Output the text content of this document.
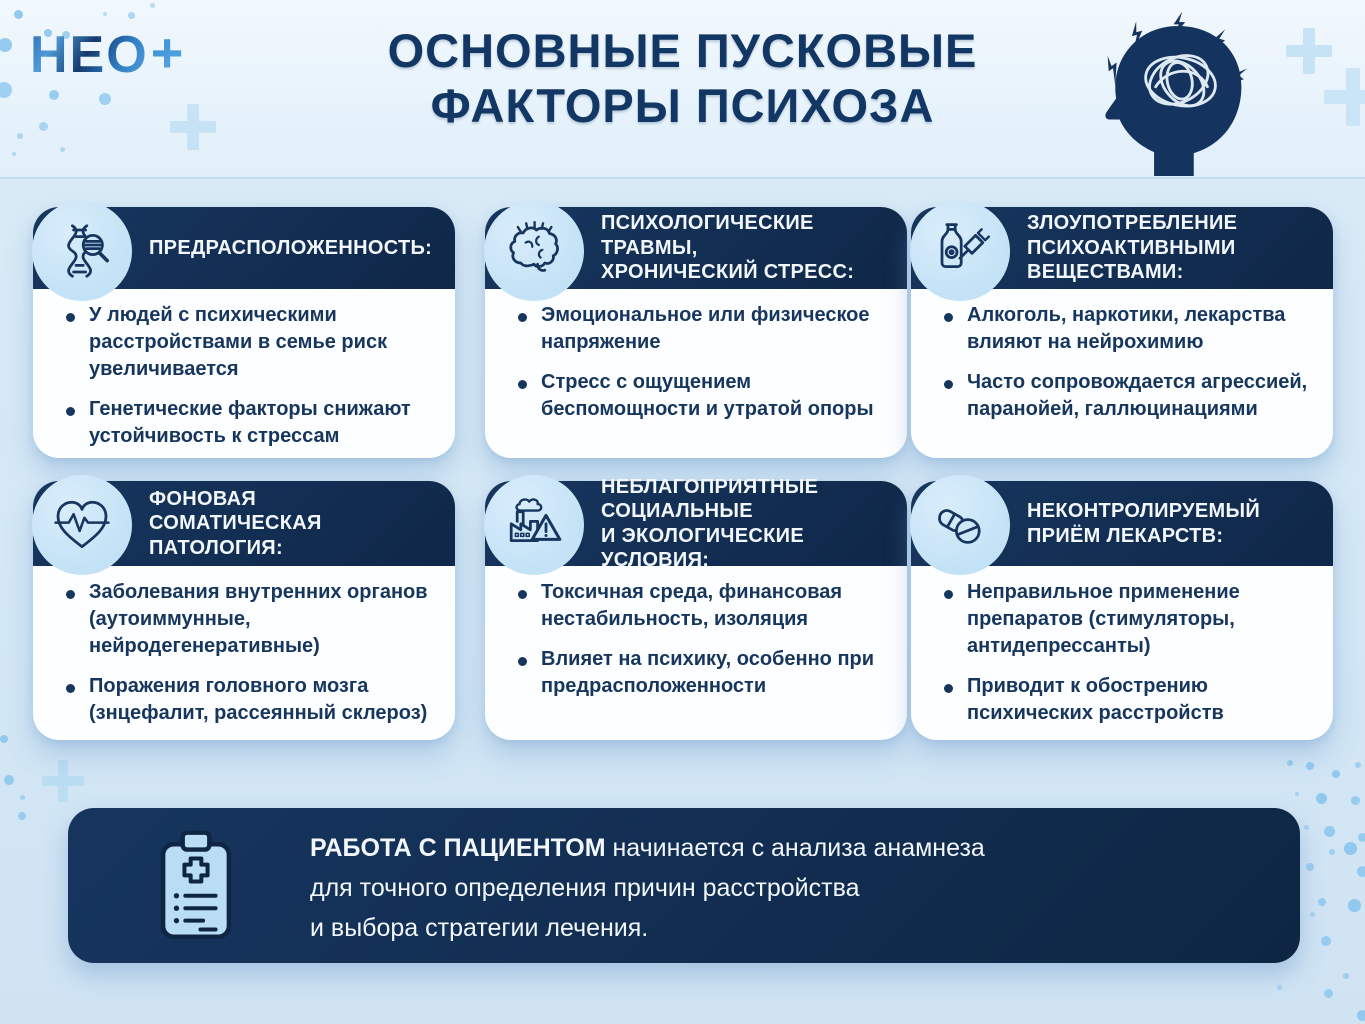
НЕО +	ОСНОВНЫЕ ПУСКОВЫЕ
ФАКТОРЫ ПСИХОЗА
ПРЕДРАСПОЛОЖЕННОСТЬ:
У людей с психическими расстройствами в семье риск увеличивается
Генетические факторы снижают устойчивость к стрессам
ПСИХОЛОГИЧЕСКИЕ ТРАВМЫ,
ХРОНИЧЕСКИЙ СТРЕСС:
Эмоциональное или физическое напряжение
Стресс с ощущением беспомощности и утратой опоры
ЗЛОУПОТРЕБЛЕНИЕ
ПСИХОАКТИВНЫМИ
ВЕЩЕСТВАМИ:
Алкоголь, наркотики, лекарства влияют на нейрохимию
Часто сопровождается агрессией, паранойей, галлюцинациями
ФОНОВАЯ
СОМАТИЧЕСКАЯ
ПАТОЛОГИЯ:
Заболевания внутренних органов (аутоиммунные, нейродегенеративные)
Поражения головного мозга (знцефалит, рассеянный склероз)
НЕБЛАГОПРИЯТНЫЕ
СОЦИАЛЬНЫЕ
И ЭКОЛОГИЧЕСКИЕ УСЛОВИЯ:
Токсичная среда, финансовая нестабильность, изоляция
Влияет на психику, особенно при предрасположенности
НЕКОНТРОЛИРУЕМЫЙ
ПРИЁМ ЛЕКАРСТВ:
Неправильное применение препаратов (стимуляторы, антидепрессанты)
Приводит к обострению психических расстройств
РАБОТА С ПАЦИЕНТОМ начинается с анализа анамнеза
для точного определения причин расстройства
и выбора стратегии лечения.
